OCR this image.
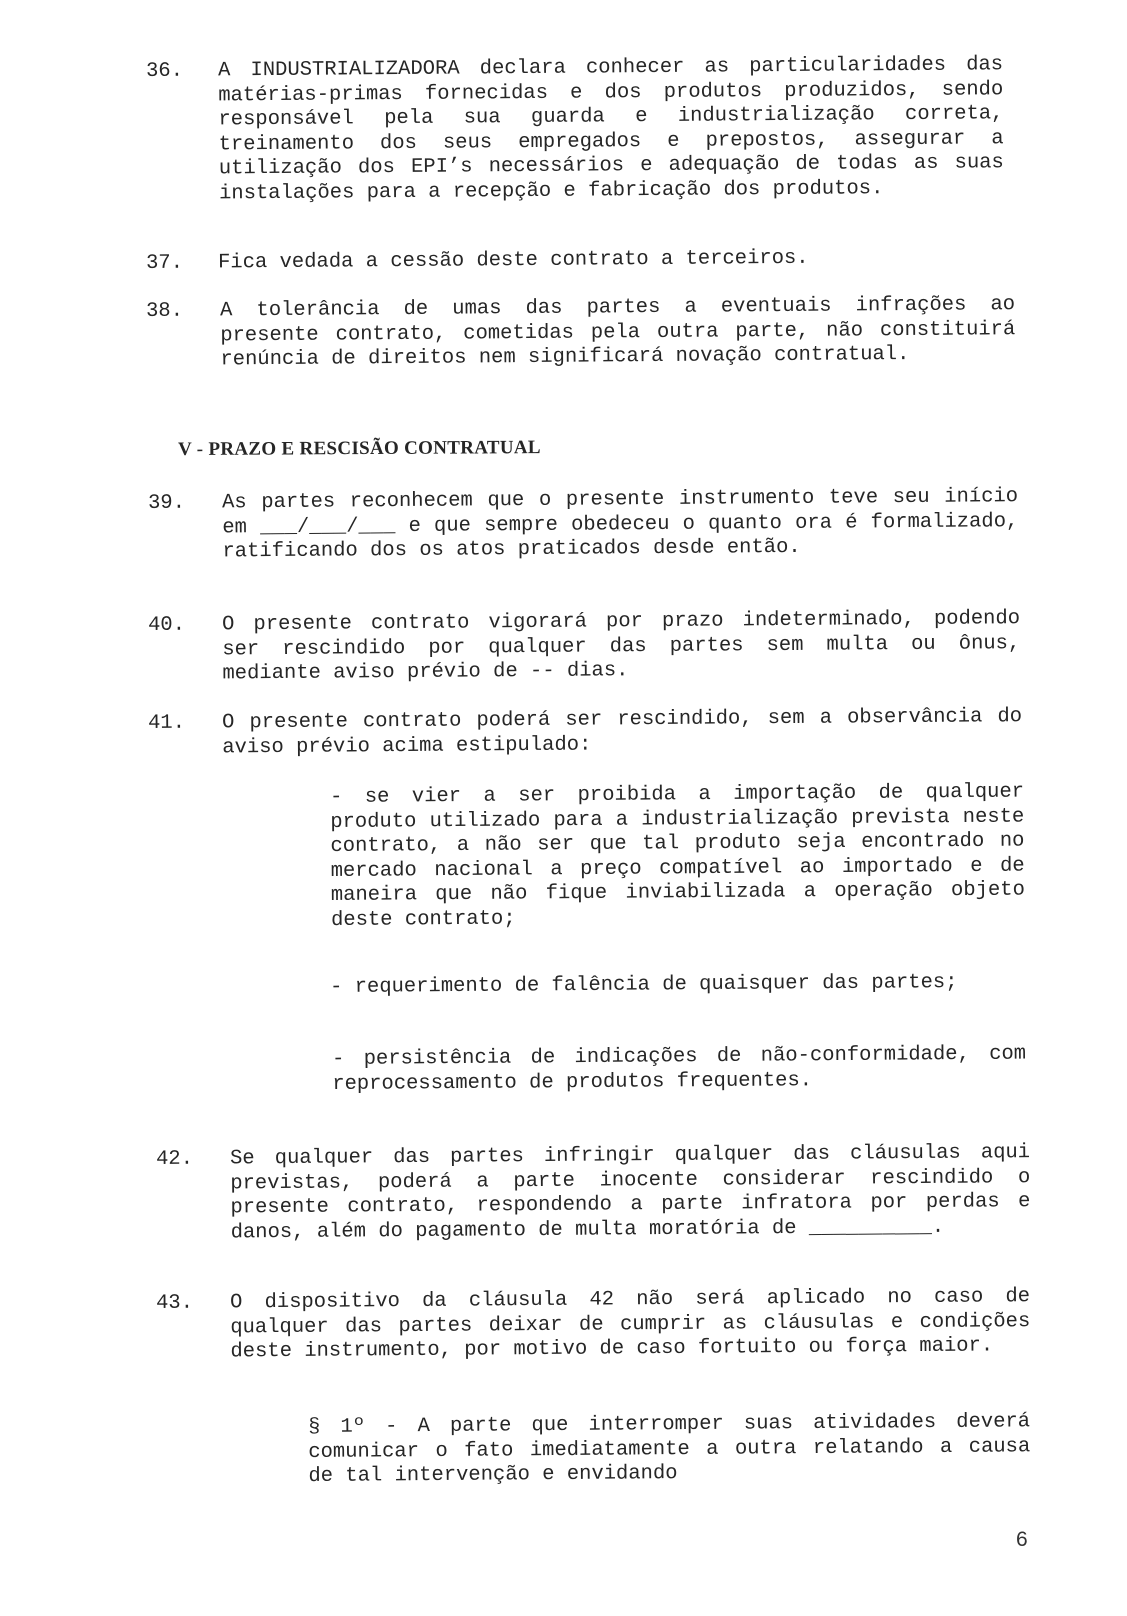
36.	A INDUSTRIALIZADORA declara conhecer as particularidades das matérias-primas fornecidas e dos produtos produzidos, sendo responsável pela sua guarda e industrialização correta, treinamento dos seus empregados e prepostos, assegurar a utilização dos EPI’s necessários e adequação de todas as suas instalações para a recepção e fabricação dos produtos.
37.	Fica vedada a cessão deste contrato a terceiros.
38.	A tolerância de umas das partes a eventuais infrações ao presente contrato, cometidas pela outra parte, não constituirá renúncia de direitos nem significará novação contratual.
V - PRAZO E RESCISÃO CONTRATUAL
39.	As partes reconhecem que o presente instrumento teve seu início em ___/___/___ e que sempre obedeceu o quanto ora é formalizado, ratificando dos os atos praticados desde então.
40.	O presente contrato vigorará por prazo indeterminado, podendo ser rescindido por qualquer das partes sem multa ou ônus, mediante aviso prévio de -- dias.
41.	O presente contrato poderá ser rescindido, sem a observância do aviso prévio acima estipulado:
- se vier a ser proibida a importação de qualquer produto utilizado para a industrialização prevista neste contrato, a não ser que tal produto seja encontrado no mercado nacional a preço compatível ao importado e de maneira que não fique inviabilizada a operação objeto deste contrato;
- requerimento de falência de quaisquer das partes;
- persistência de indicações de não-conformidade, com reprocessamento de produtos frequentes.
42.	Se qualquer das partes infringir qualquer das cláusulas aqui previstas, poderá a parte inocente considerar rescindido o presente contrato, respondendo a parte infratora por perdas e danos, além do pagamento de multa moratória de __________.
43.	O dispositivo da cláusula 42 não será aplicado no caso de qualquer das partes deixar de cumprir as cláusulas e condições deste instrumento, por motivo de caso fortuito ou força maior.
§ 1º - A parte que interromper suas atividades deverá comunicar o fato imediatamente a outra relatando a causa de tal intervenção e envidando
6
